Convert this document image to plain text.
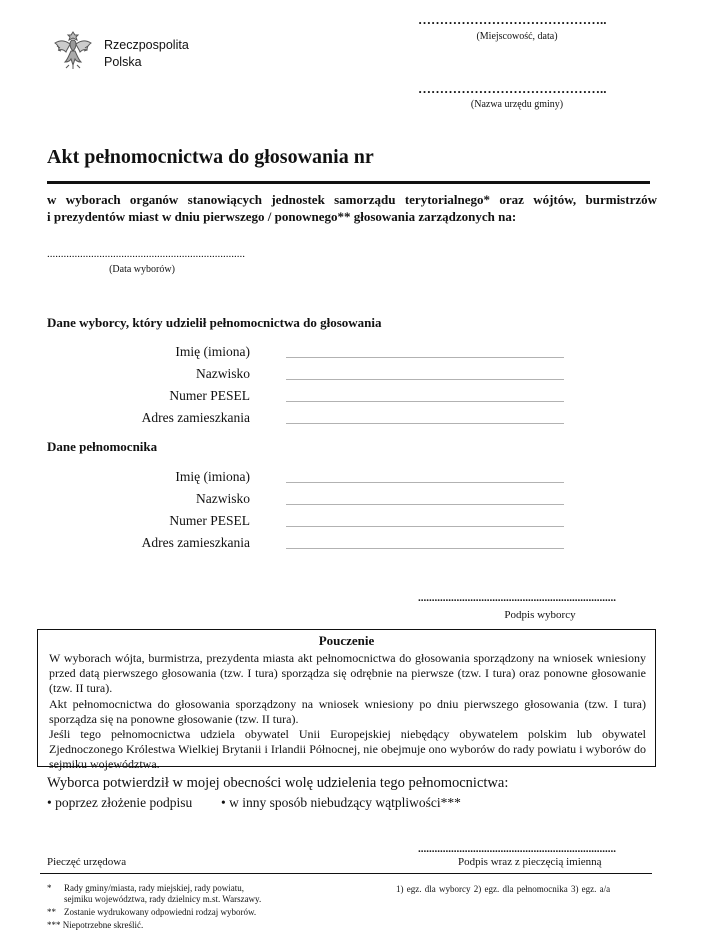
Rzeczpospolita
Polska
……………………………………..
(Miejscowość, data)
……………………………………..
(Nazwa urzędu gminy)
Akt pełnomocnictwa do głosowania nr
w wyborach organów stanowiących jednostek samorządu terytorialnego* oraz wójtów, burmistrzów
i prezydentów miast w dniu pierwszego / ponownego** głosowania zarządzonych na:
........................................................................
(Data wyborów)
Dane wyborcy, który udzielił pełnomocnictwa do głosowania
Imię (imiona)	...........................................................................................................................................
Nazwisko	...........................................................................................................................................
Numer PESEL	...........................................................................................................................................
Adres zamieszkania	...........................................................................................................................................
Dane pełnomocnika
Imię (imiona)	...........................................................................................................................................
Nazwisko	...........................................................................................................................................
Numer PESEL	...........................................................................................................................................
Adres zamieszkania	...........................................................................................................................................
........................................................................
Podpis wyborcy
Pouczenie

W wyborach wójta, burmistrza, prezydenta miasta akt pełnomocnictwa do głosowania sporządzony na wniosek wniesiony przed datą pierwszego głosowania (tzw. I tura) sporządza się odrębnie na pierwsze (tzw. I tura) oraz ponowne głosowanie (tzw. II tura).

Akt pełnomocnictwa do głosowania sporządzony na wniosek wniesiony po dniu pierwszego głosowania (tzw. I tura) sporządza się na ponowne głosowanie (tzw. II tura).

Jeśli tego pełnomocnictwa udziela obywatel Unii Europejskiej niebędący obywatelem polskim lub obywatel Zjednoczonego Królestwa Wielkiej Brytanii i Irlandii Północnej, nie obejmuje ono wyborów do rady powiatu i wyborów do sejmiku województwa.

Wyborca potwierdził w mojej obecności wolę udzielenia tego pełnomocnictwa:
• poprzez złożenie podpisu • w inny sposób niebudzący wątpliwości***
........................................................................
Pieczęć urzędowa	Podpis wraz z pieczęcią imienną
* Rady gminy/miasta, rady miejskiej, rady powiatu,
sejmiku województwa, rady dzielnicy m.st. Warszawy.
** Zostanie wydrukowany odpowiedni rodzaj wyborów.
*** Niepotrzebne skreślić.
1) egz. dla wyborcy 2) egz. dla pełnomocnika 3) egz. a/a
